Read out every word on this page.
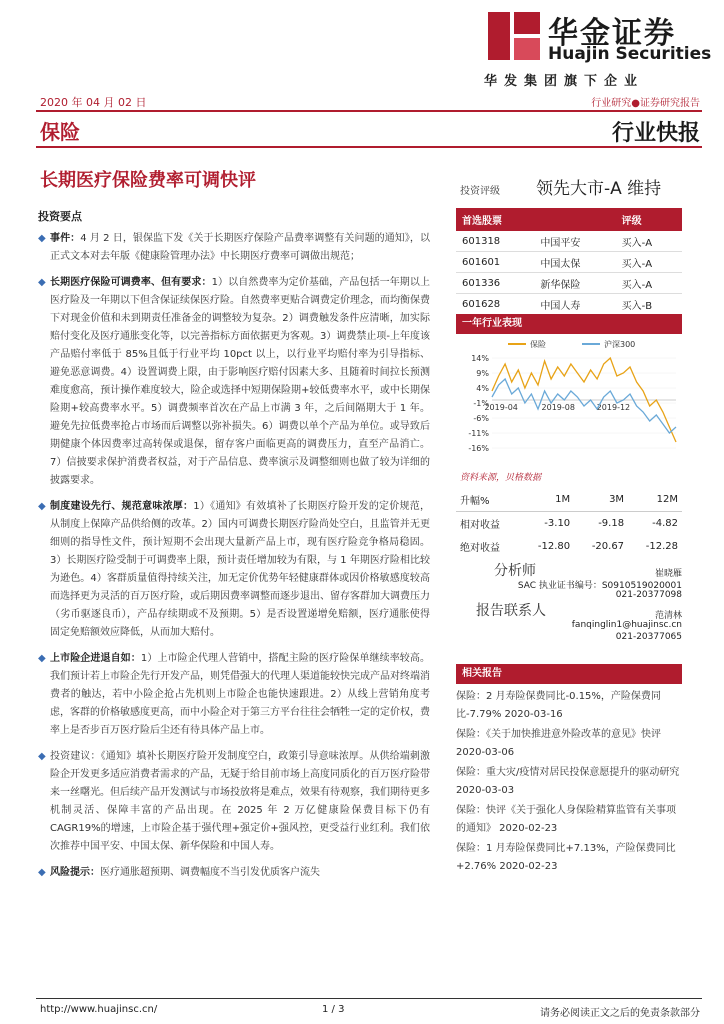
华金证券
Huajin Securities
华发集团旗下企业
2020 年 04 月 02 日	行业研究●证券研究报告
保险	行业快报
长期医疗保险费率可调快评
投资要点
◆ 事件：4 月 2 日，银保监下发《关于长期医疗保险产品费率调整有关问题的通知》，以正式文本对去年版《健康险管理办法》中长期医疗费率可调做出规范；
◆ 长期医疗保险可调费率、但有要求：1）以自然费率为定价基础，产品包括一年期以上医疗险及一年期以下但含保证续保医疗险。自然费率更贴合调费定价理念，而均衡保费下对现金价值和未到期责任准备金的调整较为复杂。2）调费触发条件应清晰，加实际赔付变化及医疗通胀变化等，以完善指标方面依据更为客观。3）调费禁止项-上年度该产品赔付率低于 85%且低于行业平均 10pct 以上，以行业平均赔付率为引导指标、避免恶意调费。4）设置调费上限，由于影响医疗赔付因素大多、且随着时间拉长预测难度愈高，预计操作难度较大，险企或选择中短期保险期+较低费率水平，或中长期保险期+较高费率水平。5）调费频率首次在产品上市满 3 年，之后间隔期大于 1 年。避免先拉低费率抢占市场而后调整以弥补损失。6）调费以单个产品为单位。或导致后期健康个体因费率过高转保或退保，留存客户面临更高的调费压力，直至产品消亡。7）信披要求保护消费者权益，对于产品信息、费率演示及调整细则也做了较为详细的披露要求。
◆ 制度建设先行、规范意味浓厚：1）《通知》有效填补了长期医疗险开发的定价规范，从制度上保障产品供给侧的改革。2）国内可调费长期医疗险尚处空白，且监管并无更细则的指导性文件，预计短期不会出现大量新产品上市，现有医疗险竞争格局稳固。3）长期医疗险受制于可调费率上限，预计责任增加较为有限，与 1 年期医疗险相比较为逊色。4）客群质量值得持续关注，加无定价优势年轻健康群体或因价格敏感度较高而选择更为灵活的百万医疗险，或后期因费率调整而逐步退出、留存客群加大调费压力（劣币驱逐良币），产品存续期或不及预期。5）是否设置递增免赔额，医疗通胀使得固定免赔额效应降低，从而加大赔付。
◆ 上市险企进退自如：1）上市险企代理人营销中，搭配主险的医疗险保单继续率较高。我们预计若上市险企先行开发产品，则凭借强大的代理人渠道能较快完成产品对终端消费者的触达，若中小险企抢占先机则上市险企也能快速跟进。2）从线上营销角度考虑，客群的价格敏感度更高，而中小险企对于第三方平台往往会牺牲一定的定价权，费率上是否步百万医疗险后尘还有待具体产品上市。
◆ 投资建议：《通知》填补长期医疗险开发制度空白，政策引导意味浓厚。从供给端刺激险企开发更多适应消费者需求的产品，无疑于给目前市场上高度同质化的百万医疗险带来一丝曙光。但后续产品开发测试与市场投放将是难点，效果有待观察，我们期待更多机制灵活、保障丰富的产品出现。在 2025 年 2 万亿健康险保费目标下仍有 CAGR19%的增速，上市险企基于强代理+强定价+强风控，更受益行业红利。我们依次推荐中国平安、中国太保、新华保险和中国人寿。
◆ 风险提示：医疗通胀超预期、调费幅度不当引发优质客户流失
投资评级 领先大市-A 维持
首选股票		评级
601318	中国平安	买入-A
601601	中国太保	买入-A
601336	新华保险	买入-A
601628	中国人寿	买入-B
一年行业表现
保险	沪深300
14%
9%
4%
-1%
-6%
-11%
-16%
2019-04	2019-08	2019-12
资料来源，贝格数据
升幅%	1M	3M	12M
相对收益	-3.10	-9.18	-4.82
绝对收益	-12.80	-20.67	-12.28
分析师	崔晓雁
SAC 执业证书编号：S0910519020001
021-20377098
报告联系人	范清林
fanqinglin1@huajinsc.cn
021-20377065
相关报告
保险：2 月寿险保费同比-0.15%，产险保费同比-7.79% 2020-03-16
保险：《关于加快推进意外险改革的意见》快评 2020-03-06
保险：重大灾/疫情对居民投保意愿提升的驱动研究 2020-03-03
保险：快评《关于强化人身保险精算监管有关事项的通知》 2020-02-23
保险：1 月寿险保费同比+7.13%，产险保费同比+2.76% 2020-02-23
http://www.huajinsc.cn/	1 / 3	请务必阅读正文之后的免责条款部分
